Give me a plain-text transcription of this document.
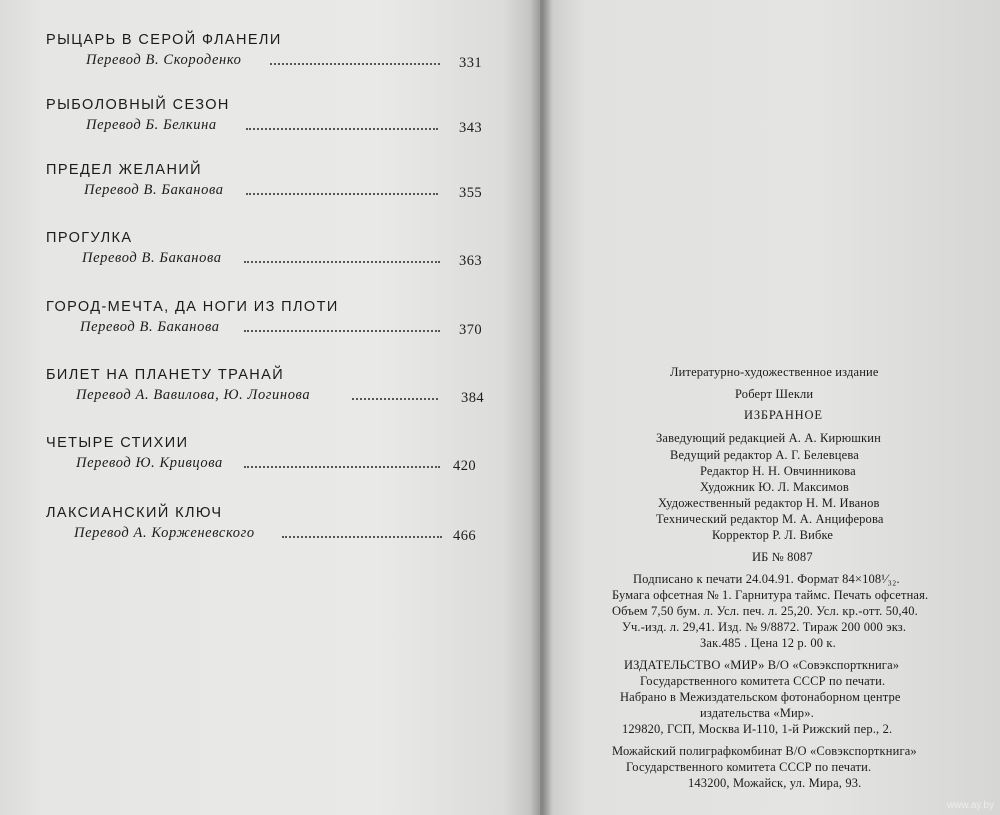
РЫЦАРЬ В СЕРОЙ ФЛАНЕЛИ
Перевод В. Скороденко	331
РЫБОЛОВНЫЙ СЕЗОН
Перевод Б. Белкина	343
ПРЕДЕЛ ЖЕЛАНИЙ
Перевод В. Баканова	355
ПРОГУЛКА
Перевод В. Баканова	363
ГОРОД-МЕЧТА, ДА НОГИ ИЗ ПЛОТИ
Перевод В. Баканова	370
БИЛЕТ НА ПЛАНЕТУ ТРАНАЙ
Перевод А. Вавилова, Ю. Логинова	384
ЧЕТЫРЕ СТИХИИ
Перевод Ю. Кривцова	420
ЛАКСИАНСКИЙ КЛЮЧ
Перевод А. Корженевского	466
Литературно-художественное издание
Роберт Шекли
ИЗБРАННОЕ
Заведующий редакцией А. А. Кирюшкин
Ведущий редактор А. Г. Белевцева
Редактор Н. Н. Овчинникова
Художник Ю. Л. Максимов
Художественный редактор Н. М. Иванов
Технический редактор М. А. Анциферова
Корректор Р. Л. Вибке
ИБ № 8087
Подписано к печати 24.04.91. Формат 84×108¹⁄₃₂.
Бумага офсетная № 1. Гарнитура таймс. Печать офсетная.
Объем 7,50 бум. л. Усл. печ. л. 25,20. Усл. кр.-отт. 50,40.
Уч.-изд. л. 29,41. Изд. № 9/8872. Тираж 200 000 экз.
Зак.485 . Цена 12 р. 00 к.
ИЗДАТЕЛЬСТВО «МИР» В/О «Совэкспорткнига»
Государственного комитета СССР по печати.
Набрано в Межиздательском фотонаборном центре
издательства «Мир».
129820, ГСП, Москва И-110, 1-й Рижский пер., 2.
Можайский полиграфкомбинат В/О «Совэкспорткнига»
Государственного комитета СССР по печати.
143200, Можайск, ул. Мира, 93.
www.ay.by
